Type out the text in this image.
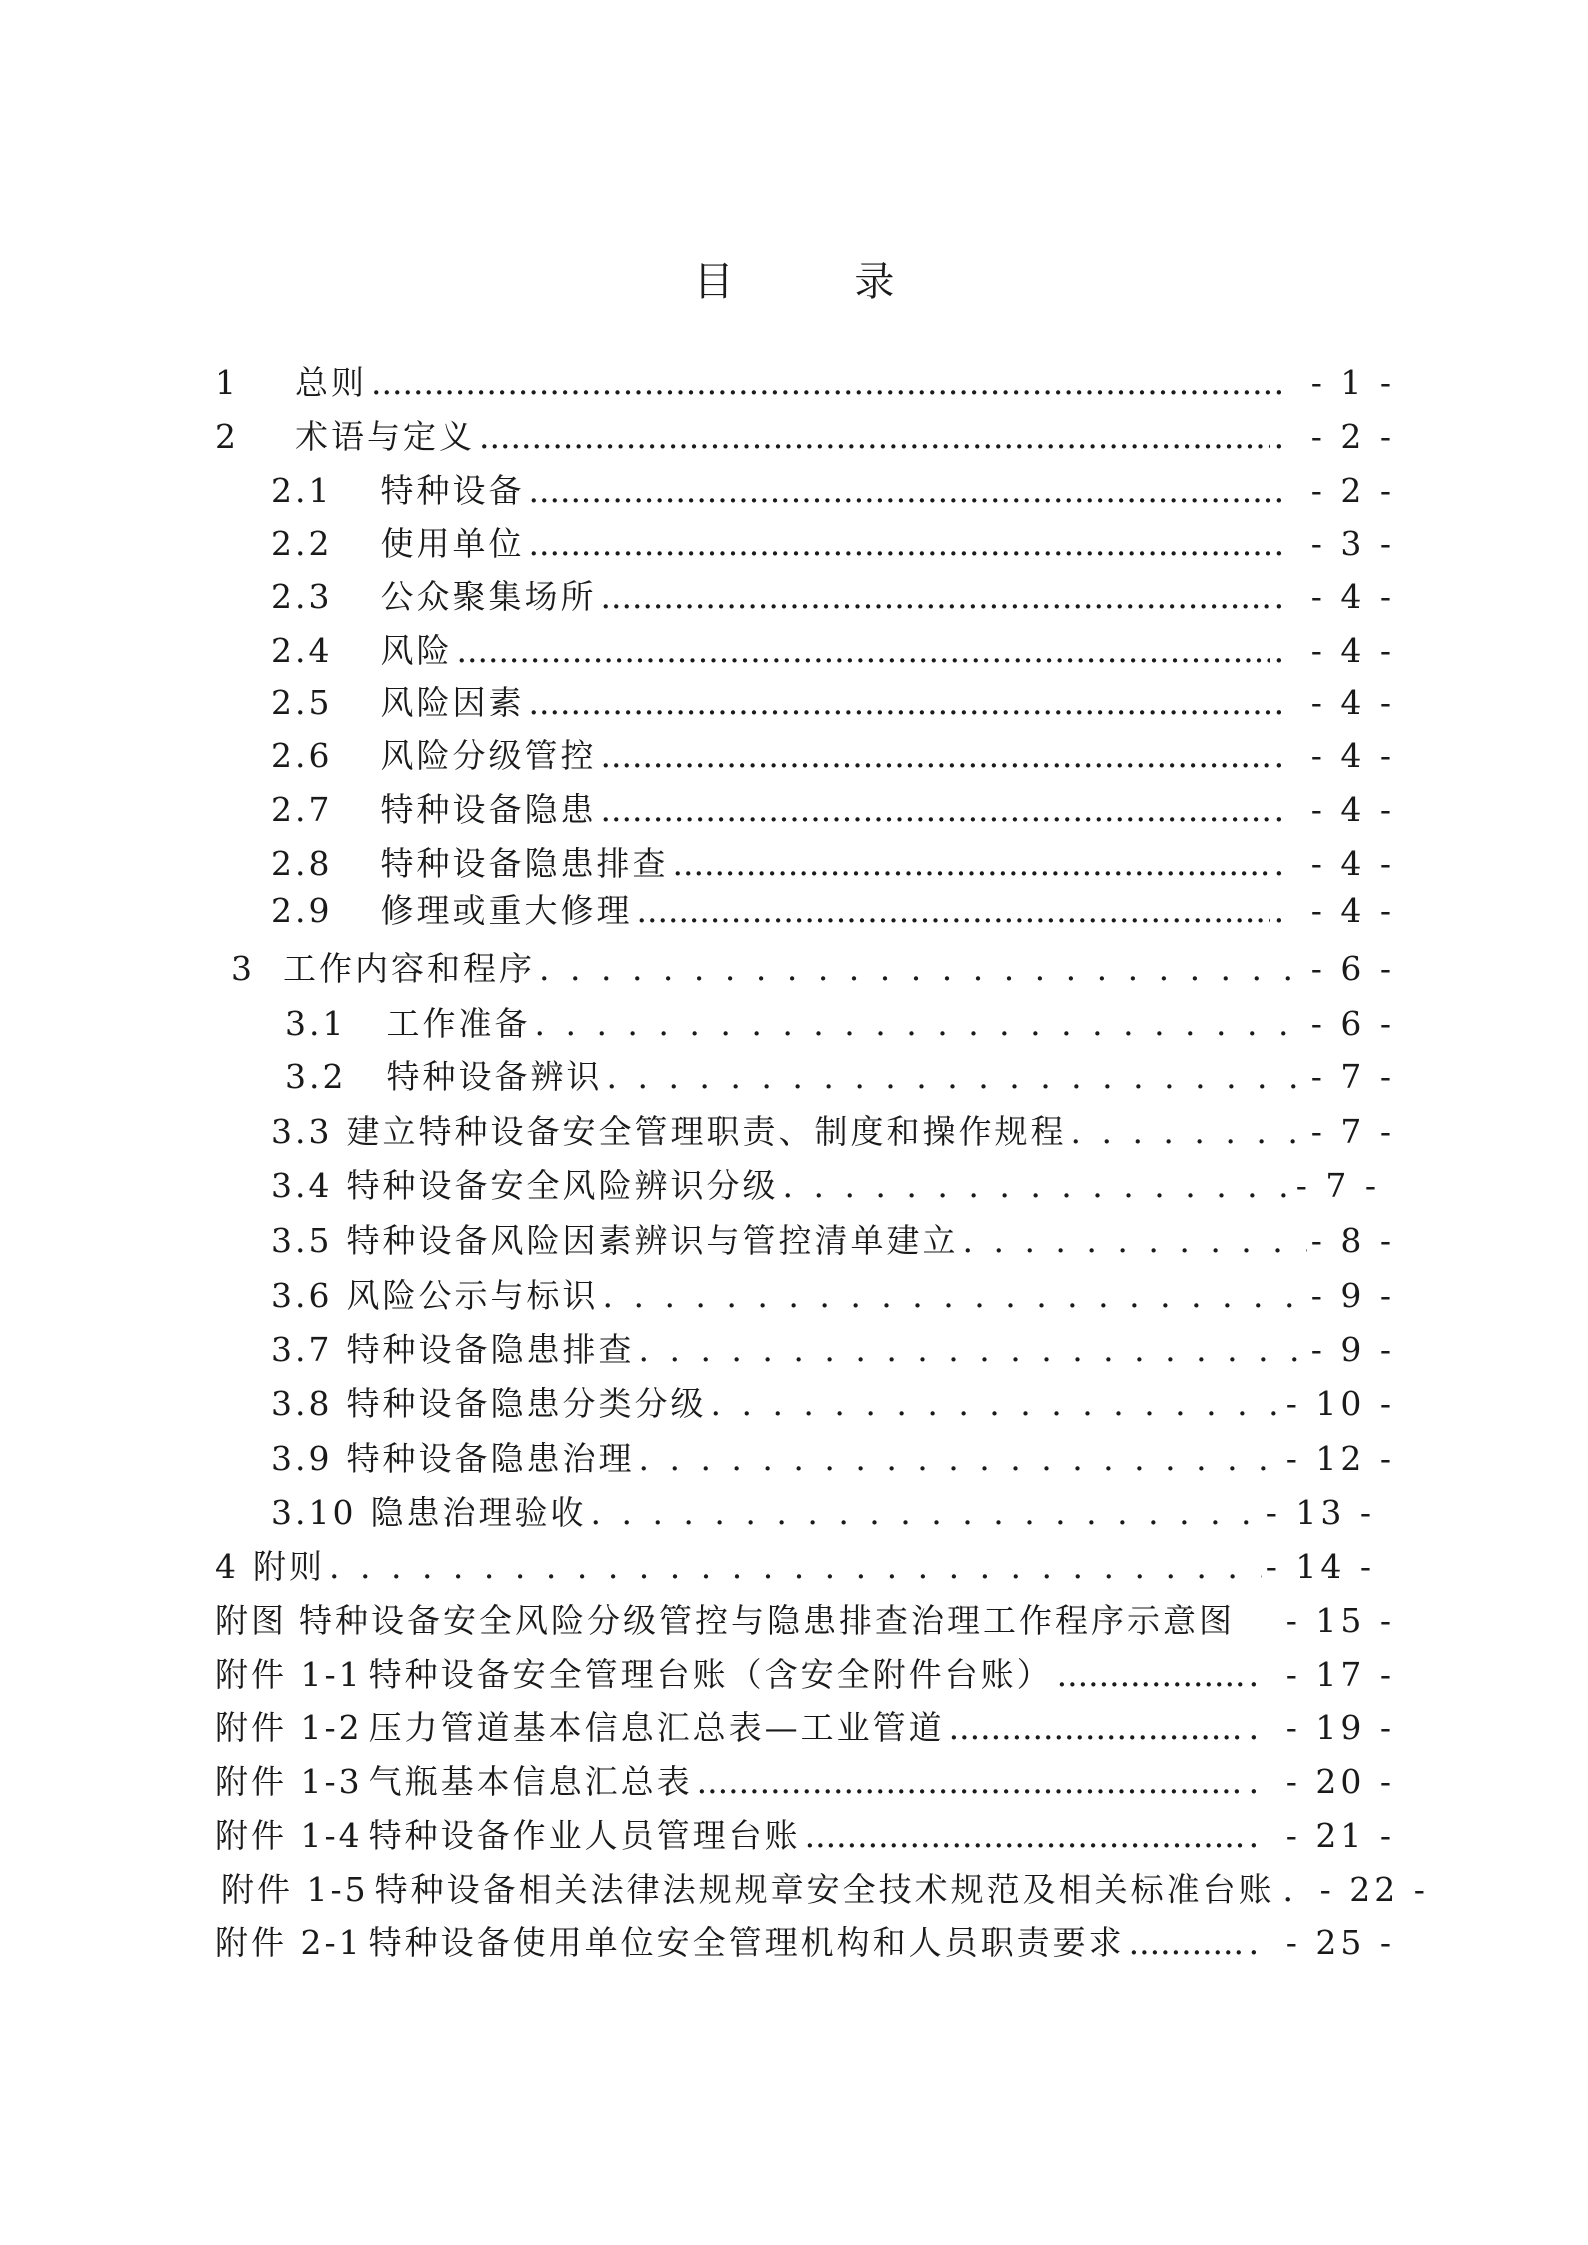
目 录
1 总则 .....	．- 1 -
2 术语与定义 .....	．- 2 -
2.1 特种设备 .....	．- 2 -
2.2 使用单位 .....	．- 3 -
2.3 公众聚集场所 .....	．- 4 -
2.4 风险 .....	．- 4 -
2.5 风险因素 .....	．- 4 -
2.6 风险分级管控 .....	．- 4 -
2.7 特种设备隐患 .....	．- 4 -
2.8 特种设备隐患排查 .....	．- 4 -
2.9 修理或重大修理 .....	．- 4 -
3 工作内容和程序 . . .	- 6 -
3.1 工作准备 . . .	- 6 -
3.2 特种设备辨识 . . .	- 7 -
3.3 建立特种设备安全管理职责、制度和操作规程 . . .	- 7 -
3.4 特种设备安全风险辨识分级 . . .	- 7 -
3.5 特种设备风险因素辨识与管控清单建立 . . .	- 8 -
3.6 风险公示与标识 . . .	- 9 -
3.7 特种设备隐患排查 . . .	- 9 -
3.8 特种设备隐患分类分级 . . .	- 10 -
3.9 特种设备隐患治理 . . .	- 12 -
3.10 隐患治理验收 . . .	- 13 -
4 附则 . . .	- 14 -
附图 特种设备安全风险分级管控与隐患排查治理工作程序示意图 - 15 -
附件 1-1 特种设备安全管理台账（含安全附件台账） .....	．- 17 -
附件 1-2 压力管道基本信息汇总表—工业管道 .....	．- 19 -
附件 1-3 气瓶基本信息汇总表 .....	．- 20 -
附件 1-4 特种设备作业人员管理台账 .....	．- 21 -
附件 1-5 特种设备相关法律法规规章安全技术规范及相关标准台账 ．- 22 -
附件 2-1 特种设备使用单位安全管理机构和人员职责要求 .....	．- 25 -
